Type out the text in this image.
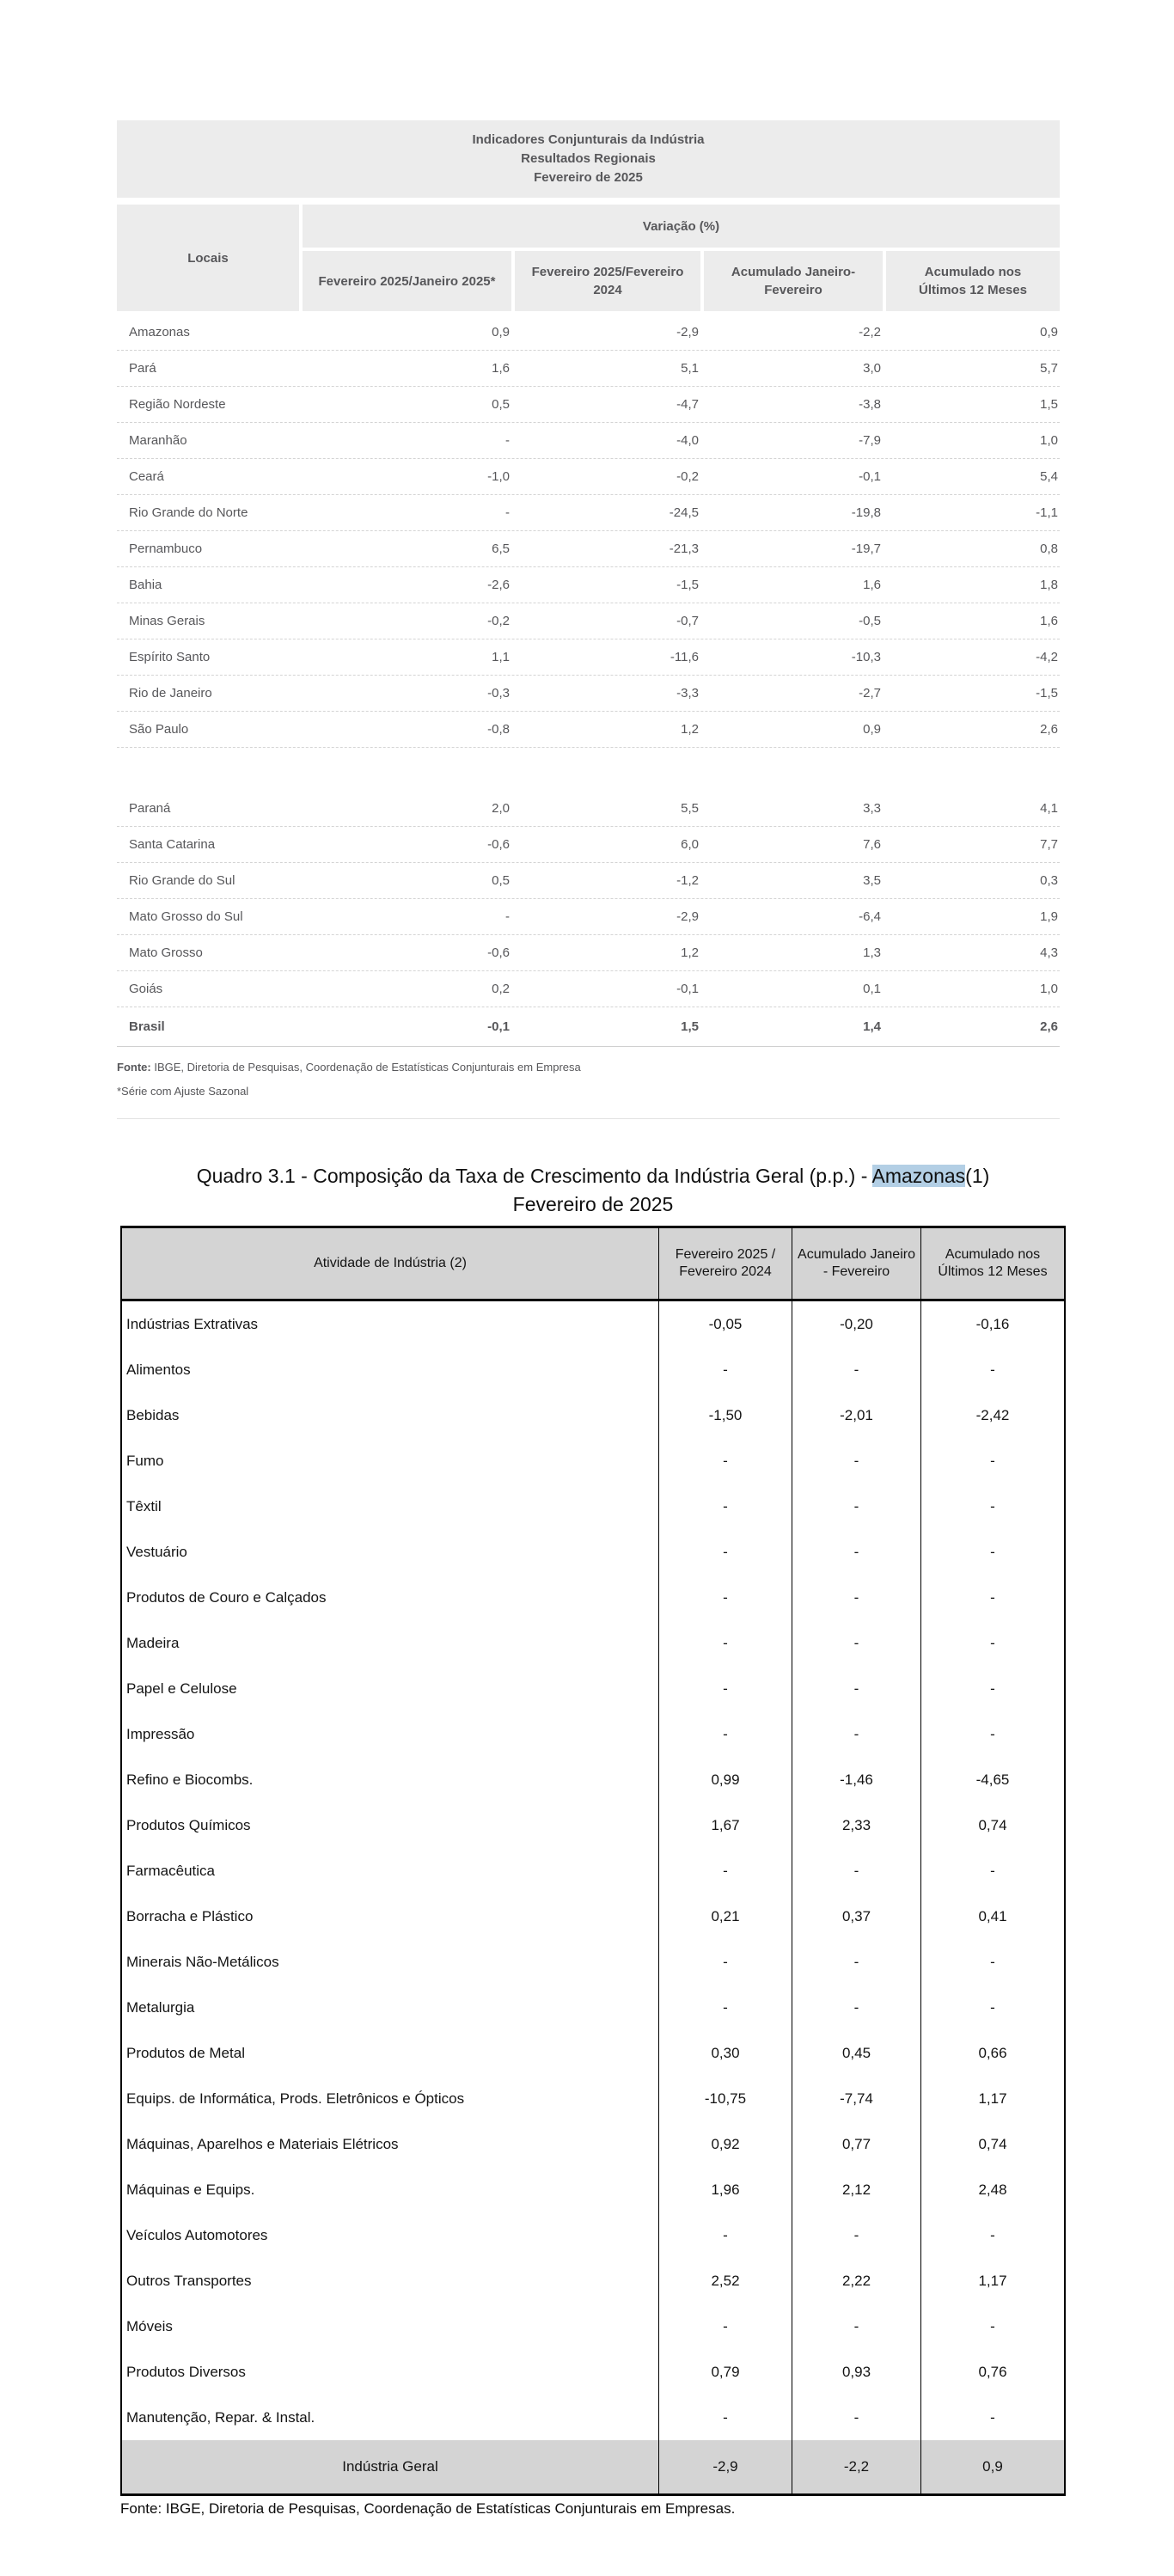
Indicadores Conjunturais da Indústria
Resultados Regionais
Fevereiro de 2025
Locais
Variação (%)
Fevereiro 2025/Janeiro 2025*
Fevereiro 2025/Fevereiro 2024
Acumulado Janeiro-Fevereiro
Acumulado nos Últimos 12 Meses
Amazonas	0,9	-2,9	-2,2	0,9
Pará	1,6	5,1	3,0	5,7
Região Nordeste	0,5	-4,7	-3,8	1,5
Maranhão	-	-4,0	-7,9	1,0
Ceará	-1,0	-0,2	-0,1	5,4
Rio Grande do Norte	-	-24,5	-19,8	-1,1
Pernambuco	6,5	-21,3	-19,7	0,8
Bahia	-2,6	-1,5	1,6	1,8
Minas Gerais	-0,2	-0,7	-0,5	1,6
Espírito Santo	1,1	-11,6	-10,3	-4,2
Rio de Janeiro	-0,3	-3,3	-2,7	-1,5
São Paulo	-0,8	1,2	0,9	2,6
Paraná	2,0	5,5	3,3	4,1
Santa Catarina	-0,6	6,0	7,6	7,7
Rio Grande do Sul	0,5	-1,2	3,5	0,3
Mato Grosso do Sul	-	-2,9	-6,4	1,9
Mato Grosso	-0,6	1,2	1,3	4,3
Goiás	0,2	-0,1	0,1	1,0
Brasil	-0,1	1,5	1,4	2,6
Fonte: IBGE, Diretoria de Pesquisas, Coordenação de Estatísticas Conjunturais em Empresa
*Série com Ajuste Sazonal
Quadro 3.1 - Composição da Taxa de Crescimento da Indústria Geral (p.p.) - Amazonas(1)
Fevereiro de 2025
Atividade de Indústria (2)
Fevereiro 2025 / Fevereiro 2024
Acumulado Janeiro - Fevereiro
Acumulado nos Últimos 12 Meses
Indústrias Extrativas	-0,05	-0,20	-0,16
Alimentos	-	-	-
Bebidas	-1,50	-2,01	-2,42
Fumo	-	-	-
Têxtil	-	-	-
Vestuário	-	-	-
Produtos de Couro e Calçados	-	-	-
Madeira	-	-	-
Papel e Celulose	-	-	-
Impressão	-	-	-
Refino e Biocombs.	0,99	-1,46	-4,65
Produtos Químicos	1,67	2,33	0,74
Farmacêutica	-	-	-
Borracha e Plástico	0,21	0,37	0,41
Minerais Não-Metálicos	-	-	-
Metalurgia	-	-	-
Produtos de Metal	0,30	0,45	0,66
Equips. de Informática, Prods. Eletrônicos e Ópticos	-10,75	-7,74	1,17
Máquinas, Aparelhos e Materiais Elétricos	0,92	0,77	0,74
Máquinas e Equips.	1,96	2,12	2,48
Veículos Automotores	-	-	-
Outros Transportes	2,52	2,22	1,17
Móveis	-	-	-
Produtos Diversos	0,79	0,93	0,76
Manutenção, Repar. & Instal.	-	-	-
Indústria Geral	-2,9	-2,2	0,9
Fonte: IBGE, Diretoria de Pesquisas, Coordenação de Estatísticas Conjunturais em Empresas.
